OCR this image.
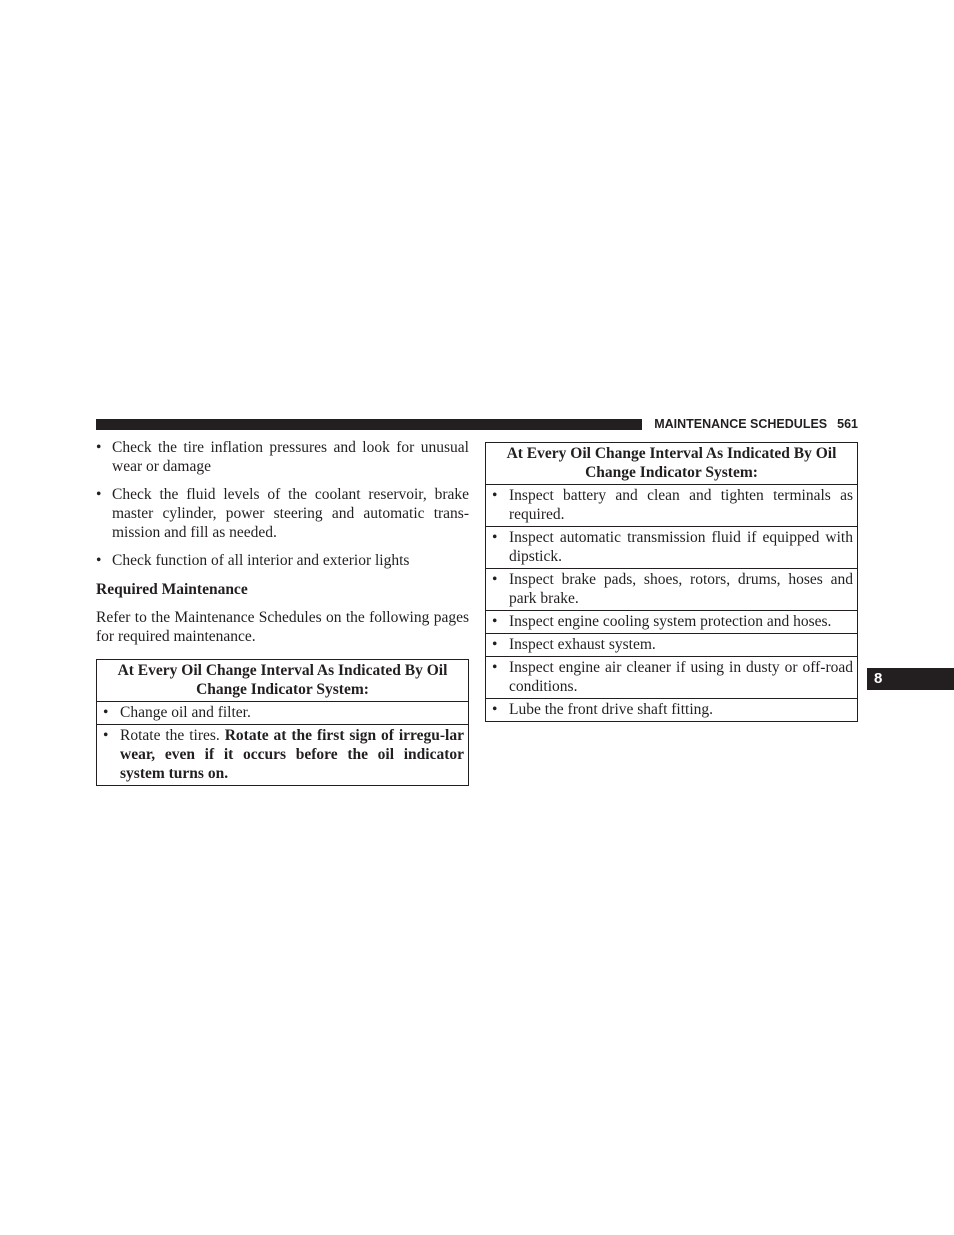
MAINTENANCE SCHEDULES 561
8
• Check the tire inflation pressures and look for unusual wear or damage
• Check the fluid levels of the coolant reservoir, brake master cylinder, power steering and automatic trans-mission and fill as needed.
• Check function of all interior and exterior lights
Required Maintenance

Refer to the Maintenance Schedules on the following pages for required maintenance.

At Every Oil Change Interval As Indicated By Oil Change Indicator System:

• Change oil and filter.

• Rotate the tires. Rotate at the first sign of irregu-lar wear, even if it occurs before the oil indicator system turns on.
At Every Oil Change Interval As Indicated By Oil Change Indicator System:

• Inspect battery and clean and tighten terminals as required.

• Inspect automatic transmission fluid if equipped with dipstick.

• Inspect brake pads, shoes, rotors, drums, hoses and park brake.

• Inspect engine cooling system protection and hoses.

• Inspect exhaust system.

• Inspect engine air cleaner if using in dusty or off-road conditions.

• Lube the front drive shaft fitting.
